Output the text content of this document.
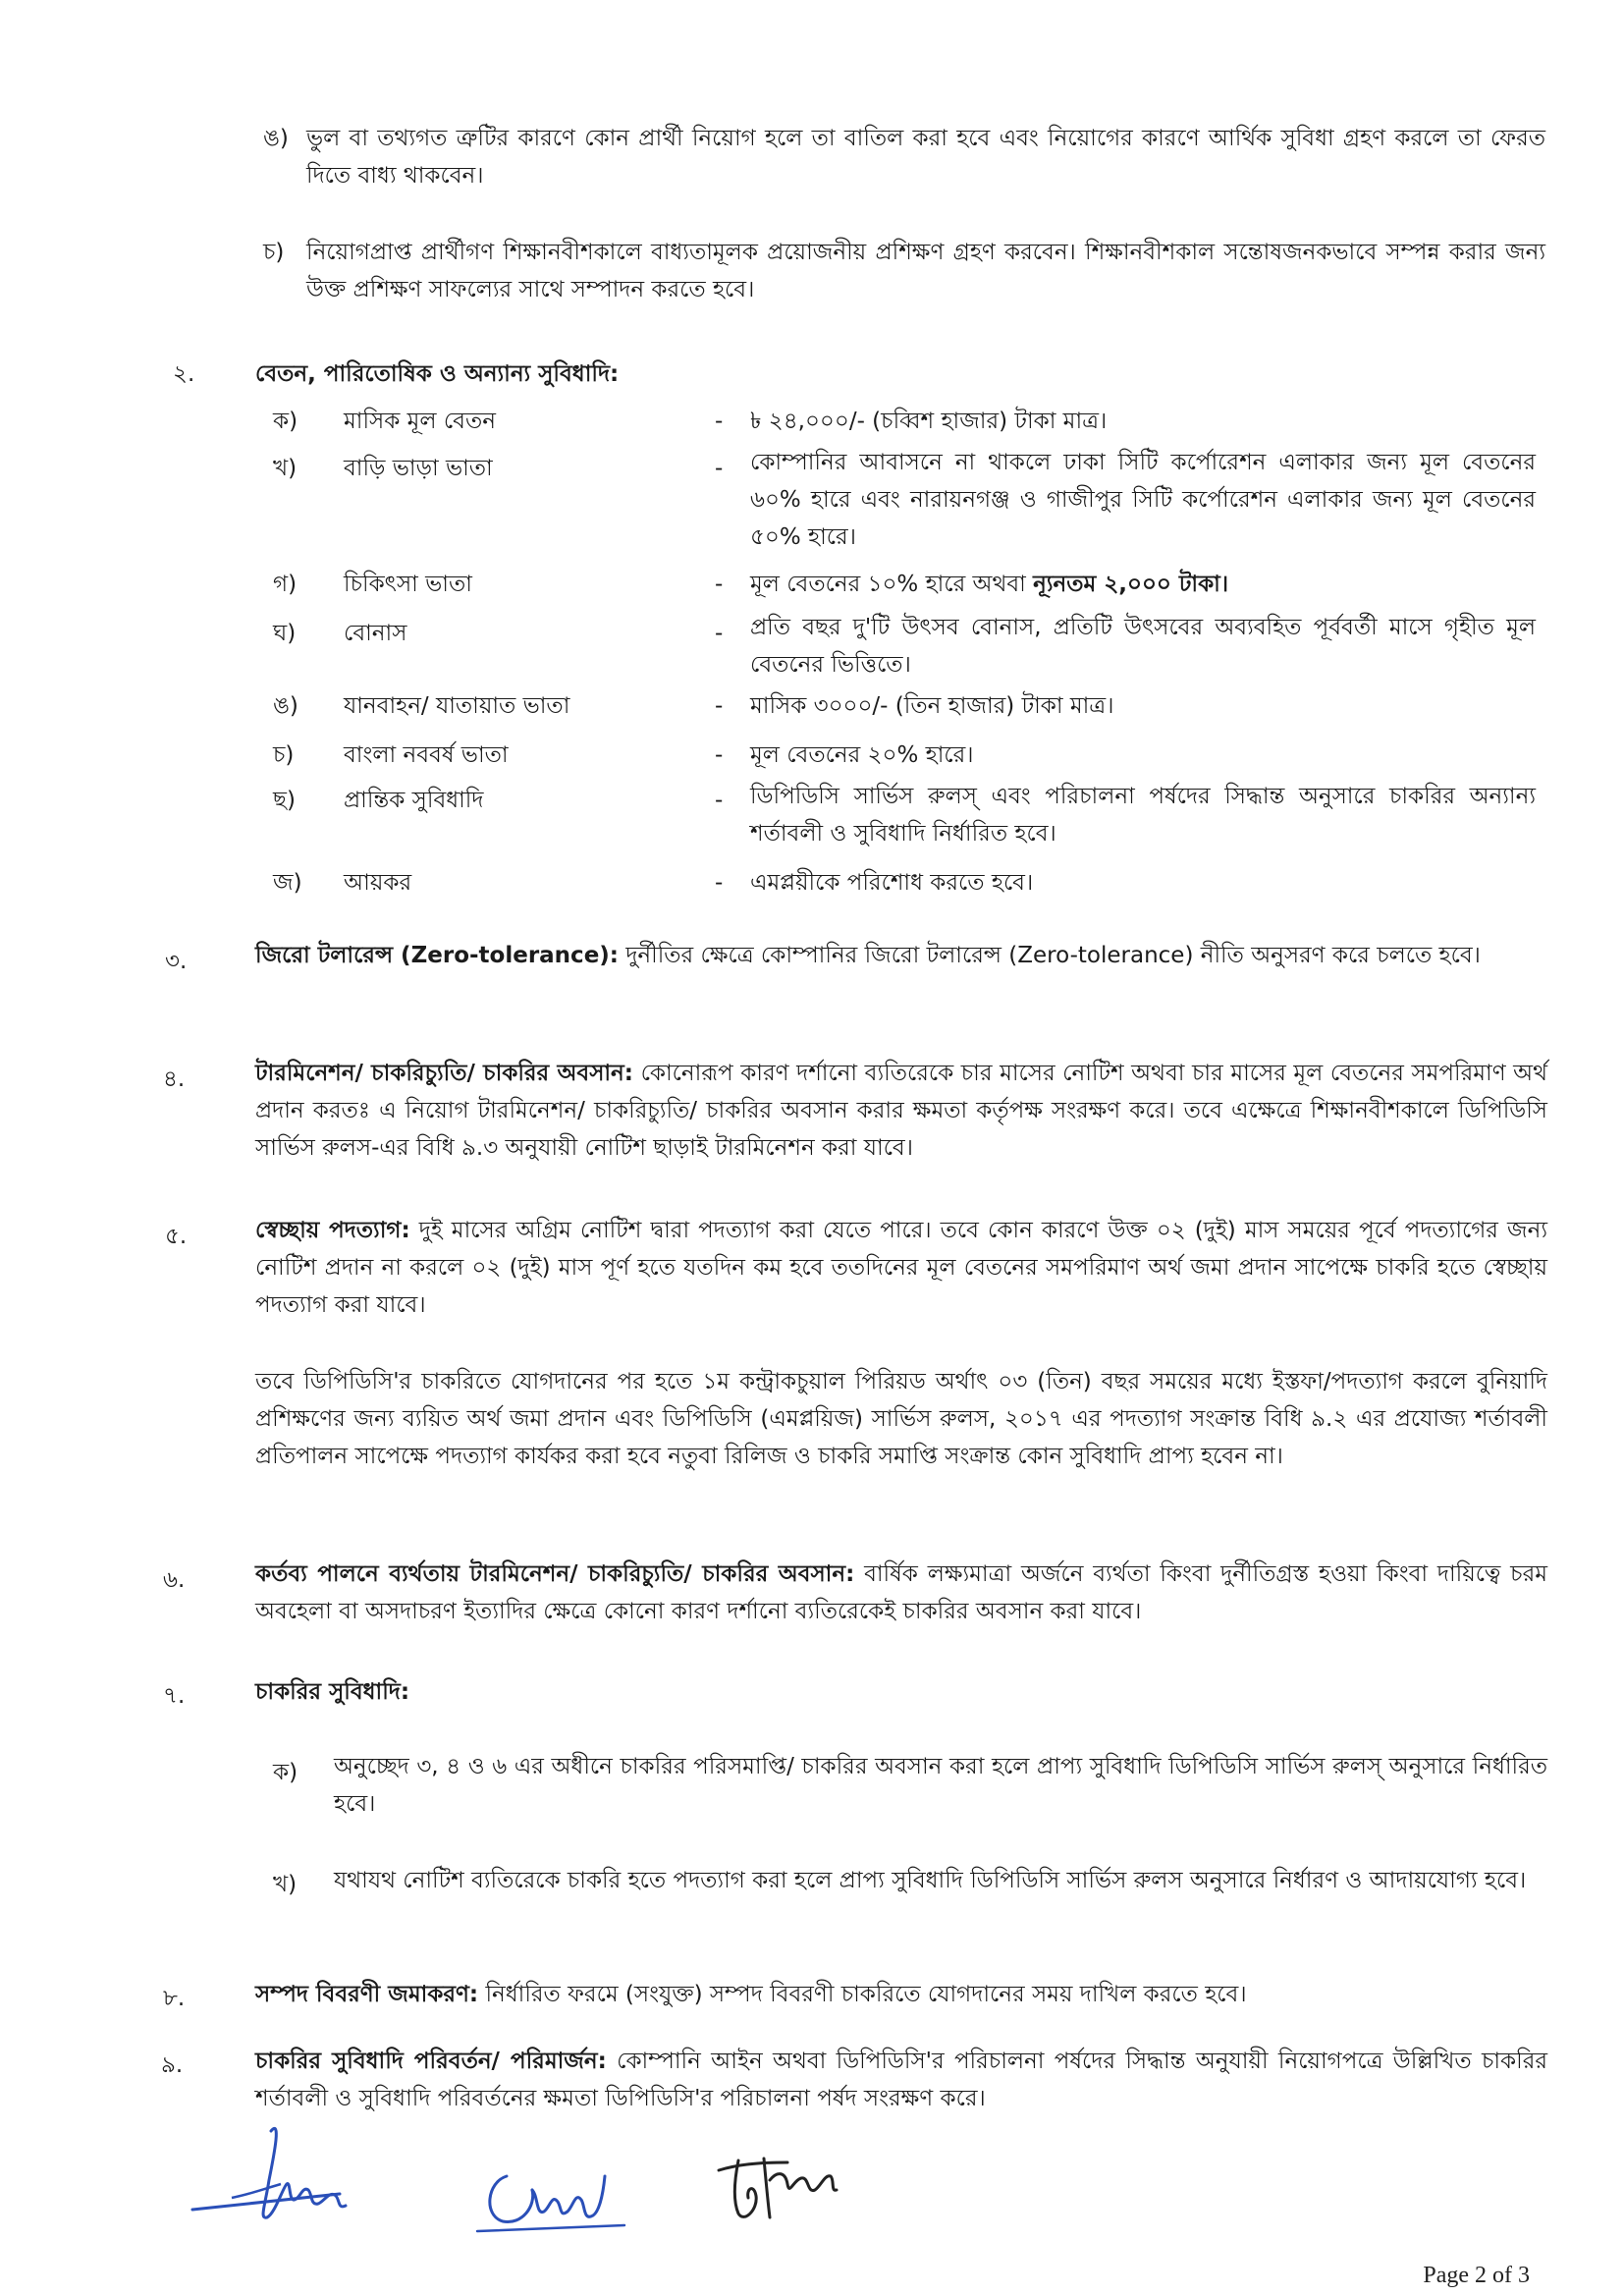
ঙ) ভুল বা তথ্যগত ত্রুটির কারণে কোন প্রার্থী নিয়োগ হলে তা বাতিল করা হবে এবং নিয়োগের কারণে আর্থিক সুবিধা গ্রহণ করলে তা ফেরত দিতে বাধ্য থাকবেন।
চ) নিয়োগপ্রাপ্ত প্রার্থীগণ শিক্ষানবীশকালে বাধ্যতামূলক প্রয়োজনীয় প্রশিক্ষণ গ্রহণ করবেন। শিক্ষানবীশকাল সন্তোষজনকভাবে সম্পন্ন করার জন্য উক্ত প্রশিক্ষণ সাফল্যের সাথে সম্পাদন করতে হবে।
২.	বেতন, পারিতোষিক ও অন্যান্য সুবিধাদি:
ক) মাসিক মূল বেতন	- ৳ ২৪,০০০/- (চব্বিশ হাজার) টাকা মাত্র।
খ) বাড়ি ভাড়া ভাতা	- কোম্পানির আবাসনে না থাকলে ঢাকা সিটি কর্পোরেশন এলাকার জন্য মূল বেতনের ৬০% হারে এবং নারায়নগঞ্জ ও গাজীপুর সিটি কর্পোরেশন এলাকার জন্য মূল বেতনের ৫০% হারে।
গ) চিকিৎসা ভাতা	- মূল বেতনের ১০% হারে অথবা ন্যূনতম ২,০০০ টাকা।
ঘ) বোনাস	- প্রতি বছর দু'টি উৎসব বোনাস, প্রতিটি উৎসবের অব্যবহিত পূর্ববর্তী মাসে গৃহীত মূল বেতনের ভিত্তিতে।
ঙ) যানবাহন/ যাতায়াত ভাতা	- মাসিক ৩০০০/- (তিন হাজার) টাকা মাত্র।
চ) বাংলা নববর্ষ ভাতা	- মূল বেতনের ২০% হারে।
ছ) প্রান্তিক সুবিধাদি	- ডিপিডিসি সার্ভিস রুলস্ এবং পরিচালনা পর্ষদের সিদ্ধান্ত অনুসারে চাকরির অন্যান্য শর্তাবলী ও সুবিধাদি নির্ধারিত হবে।
জ) আয়কর	- এমপ্লয়ীকে পরিশোধ করতে হবে।
৩.	জিরো টলারেন্স (Zero-tolerance): দুর্নীতির ক্ষেত্রে কোম্পানির জিরো টলারেন্স (Zero-tolerance) নীতি অনুসরণ করে চলতে হবে।
৪.	টারমিনেশন/ চাকরিচ্যুতি/ চাকরির অবসান: কোনোরূপ কারণ দর্শানো ব্যতিরেকে চার মাসের নোটিশ অথবা চার মাসের মূল বেতনের সমপরিমাণ অর্থ প্রদান করতঃ এ নিয়োগ টারমিনেশন/ চাকরিচ্যুতি/ চাকরির অবসান করার ক্ষমতা কর্তৃপক্ষ সংরক্ষণ করে। তবে এক্ষেত্রে শিক্ষানবীশকালে ডিপিডিসি সার্ভিস রুলস-এর বিধি ৯.৩ অনুযায়ী নোটিশ ছাড়াই টারমিনেশন করা যাবে।
৫.	স্বেচ্ছায় পদত্যাগ: দুই মাসের অগ্রিম নোটিশ দ্বারা পদত্যাগ করা যেতে পারে। তবে কোন কারণে উক্ত ০২ (দুই) মাস সময়ের পূর্বে পদত্যাগের জন্য নোটিশ প্রদান না করলে ০২ (দুই) মাস পূর্ণ হতে যতদিন কম হবে ততদিনের মূল বেতনের সমপরিমাণ অর্থ জমা প্রদান সাপেক্ষে চাকরি হতে স্বেচ্ছায় পদত্যাগ করা যাবে।
তবে ডিপিডিসি'র চাকরিতে যোগদানের পর হতে ১ম কন্ট্রাকচুয়াল পিরিয়ড অর্থাৎ ০৩ (তিন) বছর সময়ের মধ্যে ইস্তফা/পদত্যাগ করলে বুনিয়াদি প্রশিক্ষণের জন্য ব্যয়িত অর্থ জমা প্রদান এবং ডিপিডিসি (এমপ্লয়িজ) সার্ভিস রুলস, ২০১৭ এর পদত্যাগ সংক্রান্ত বিধি ৯.২ এর প্রযোজ্য শর্তাবলী প্রতিপালন সাপেক্ষে পদত্যাগ কার্যকর করা হবে নতুবা রিলিজ ও চাকরি সমাপ্তি সংক্রান্ত কোন সুবিধাদি প্রাপ্য হবেন না।
৬.	কর্তব্য পালনে ব্যর্থতায় টারমিনেশন/ চাকরিচ্যুতি/ চাকরির অবসান: বার্ষিক লক্ষ্যমাত্রা অর্জনে ব্যর্থতা কিংবা দুর্নীতিগ্রস্ত হওয়া কিংবা দায়িত্বে চরম অবহেলা বা অসদাচরণ ইত্যাদির ক্ষেত্রে কোনো কারণ দর্শানো ব্যতিরেকেই চাকরির অবসান করা যাবে।
৭.	চাকরির সুবিধাদি:
ক) অনুচ্ছেদ ৩, ৪ ও ৬ এর অধীনে চাকরির পরিসমাপ্তি/ চাকরির অবসান করা হলে প্রাপ্য সুবিধাদি ডিপিডিসি সার্ভিস রুলস্ অনুসারে নির্ধারিত হবে।
খ) যথাযথ নোটিশ ব্যতিরেকে চাকরি হতে পদত্যাগ করা হলে প্রাপ্য সুবিধাদি ডিপিডিসি সার্ভিস রুলস অনুসারে নির্ধারণ ও আদায়যোগ্য হবে।
৮.	সম্পদ বিবরণী জমাকরণ: নির্ধারিত ফরমে (সংযুক্ত) সম্পদ বিবরণী চাকরিতে যোগদানের সময় দাখিল করতে হবে।
৯.	চাকরির সুবিধাদি পরিবর্তন/ পরিমার্জন: কোম্পানি আইন অথবা ডিপিডিসি'র পরিচালনা পর্ষদের সিদ্ধান্ত অনুযায়ী নিয়োগপত্রে উল্লিখিত চাকরির শর্তাবলী ও সুবিধাদি পরিবর্তনের ক্ষমতা ডিপিডিসি'র পরিচালনা পর্ষদ সংরক্ষণ করে।
Page 2 of 3
